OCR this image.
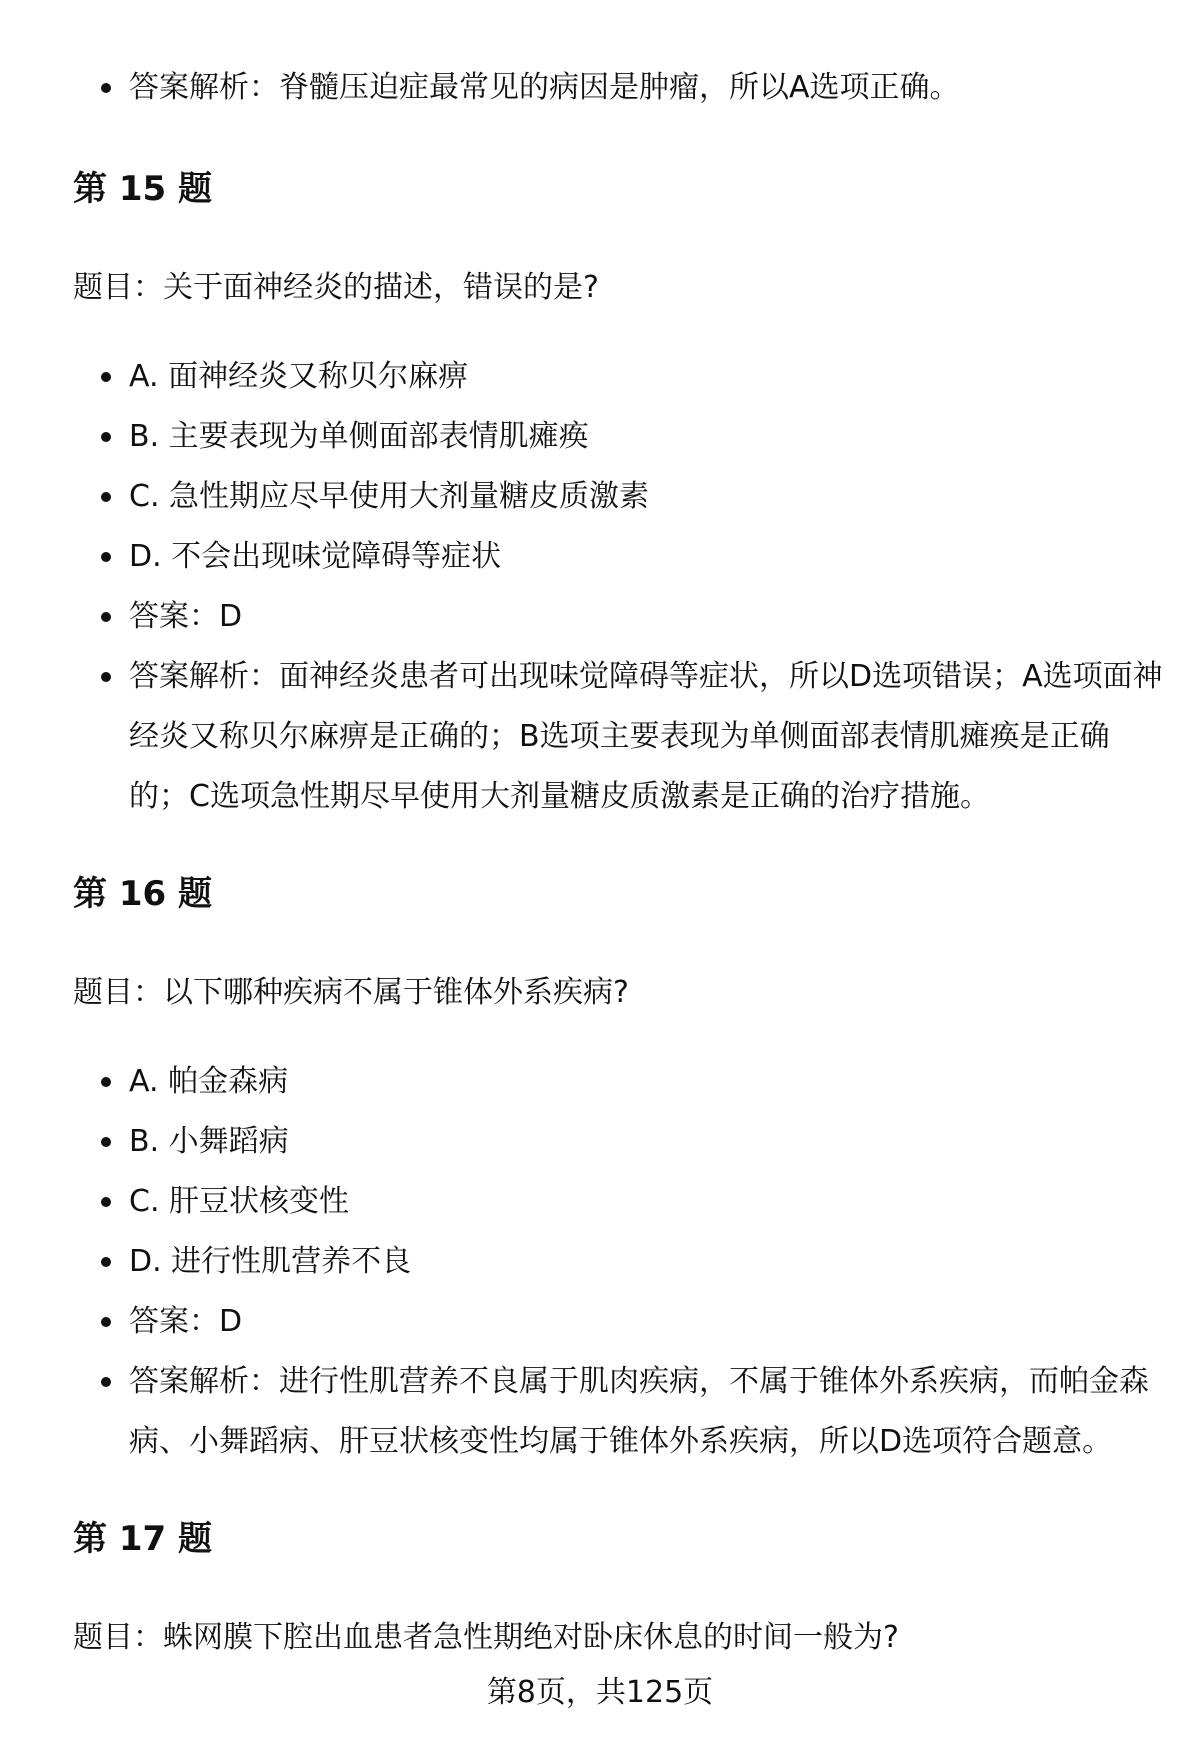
答案解析：脊髓压迫症最常见的病因是肿瘤，所以A选项正确。
第 15 题
题目：关于面神经炎的描述，错误的是?
A. 面神经炎又称贝尔麻痹
B. 主要表现为单侧面部表情肌瘫痪
C. 急性期应尽早使用大剂量糖皮质激素
D. 不会出现味觉障碍等症状
答案：D
答案解析：面神经炎患者可出现味觉障碍等症状，所以D选项错误；A选项面神
经炎又称贝尔麻痹是正确的；B选项主要表现为单侧面部表情肌瘫痪是正确
的；C选项急性期尽早使用大剂量糖皮质激素是正确的治疗措施。
第 16 题
题目：以下哪种疾病不属于锥体外系疾病?
A. 帕金森病
B. 小舞蹈病
C. 肝豆状核变性
D. 进行性肌营养不良
答案：D
答案解析：进行性肌营养不良属于肌肉疾病，不属于锥体外系疾病，而帕金森
病、小舞蹈病、肝豆状核变性均属于锥体外系疾病，所以D选项符合题意。
第 17 题
题目：蛛网膜下腔出血患者急性期绝对卧床休息的时间一般为?
第8页，共125页
